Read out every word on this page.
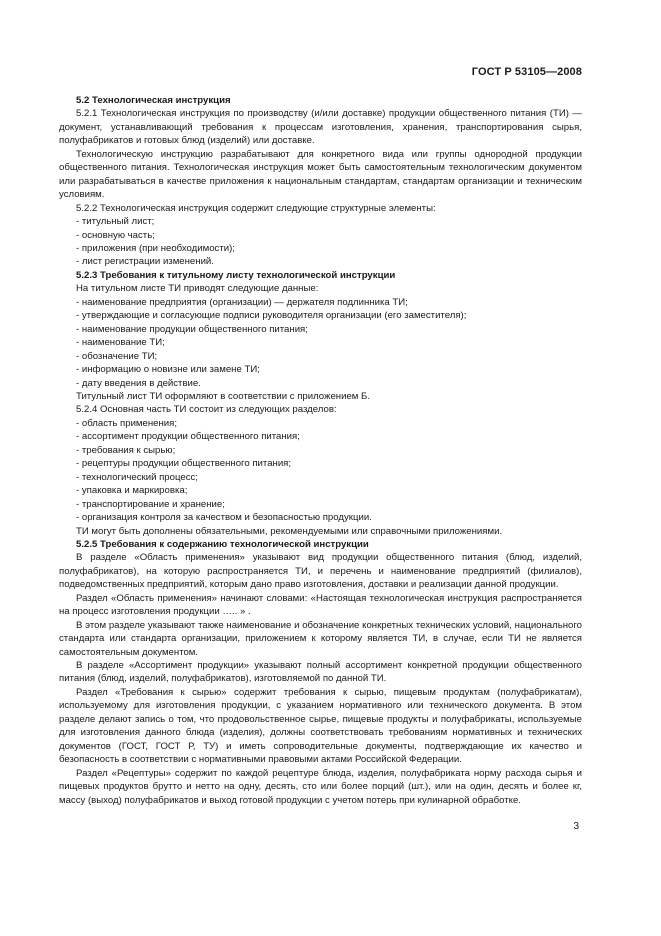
ГОСТ Р 53105—2008

5.2 Технологическая инструкция

5.2.1 Технологическая инструкция по производству (и/или доставке) продукции общественного питания (ТИ) — документ, устанавливающий требования к процессам изготовления, хранения, транспортирования сырья, полуфабрикатов и готовых блюд (изделий) или доставке.

Технологическую инструкцию разрабатывают для конкретного вида или группы однородной продукции общественного питания. Технологическая инструкция может быть самостоятельным технологическим документом или разрабатываться в качестве приложения к национальным стандартам, стандартам организации и техническим условиям.

5.2.2 Технологическая инструкция содержит следующие структурные элементы:

- титульный лист;

- основную часть;

- приложения (при необходимости);

- лист регистрации изменений.

5.2.3 Требования к титульному листу технологической инструкции

На титульном листе ТИ приводят следующие данные:

- наименование предприятия (организации) — держателя подлинника ТИ;

- утверждающие и согласующие подписи руководителя организации (его заместителя);

- наименование продукции общественного питания;

- наименование ТИ;

- обозначение ТИ;

- информацию о новизне или замене ТИ;

- дату введения в действие.

Титульный лист ТИ оформляют в соответствии с приложением Б.

5.2.4 Основная часть ТИ состоит из следующих разделов:

- область применения;

- ассортимент продукции общественного питания;

- требования к сырью;

- рецептуры продукции общественного питания;

- технологический процесс;

- упаковка и маркировка;

- транспортирование и хранение;

- организация контроля за качеством и безопасностью продукции.

ТИ могут быть дополнены обязательными, рекомендуемыми или справочными приложениями.

5.2.5 Требования к содержанию технологической инструкции

В разделе «Область применения» указывают вид продукции общественного питания (блюд, изделий, полуфабрикатов), на которую распространяется ТИ, и перечень и наименование предприятий (филиалов), подведомственных предприятий, которым дано право изготовления, доставки и реализации данной продукции.

Раздел «Область применения» начинают словами: «Настоящая технологическая инструкция распространяется на процесс изготовления продукции ….. » .

В этом разделе указывают также наименование и обозначение конкретных технических условий, национального стандарта или стандарта организации, приложением к которому является ТИ, в случае, если ТИ не является самостоятельным документом.

В разделе «Ассортимент продукции» указывают полный ассортимент конкретной продукции общественного питания (блюд, изделий, полуфабрикатов), изготовляемой по данной ТИ.

Раздел «Требования к сырью» содержит требования к сырью, пищевым продуктам (полуфабрикатам), используемому для изготовления продукции, с указанием нормативного или технического документа. В этом разделе делают запись о том, что продовольственное сырье, пищевые продукты и полуфабрикаты, используемые для изготовления данного блюда (изделия), должны соответствовать требованиям нормативных и технических документов (ГОСТ, ГОСТ Р, ТУ) и иметь сопроводительные документы, подтверждающие их качество и безопасность в соответствии с нормативными правовыми актами Российской Федерации.

Раздел «Рецептуры» содержит по каждой рецептуре блюда, изделия, полуфабриката норму расхода сырья и пищевых продуктов брутто и нетто на одну, десять, сто или более порций (шт.), или на один, десять и более кг, массу (выход) полуфабрикатов и выход готовой продукции с учетом потерь при кулинарной обработке.

3
